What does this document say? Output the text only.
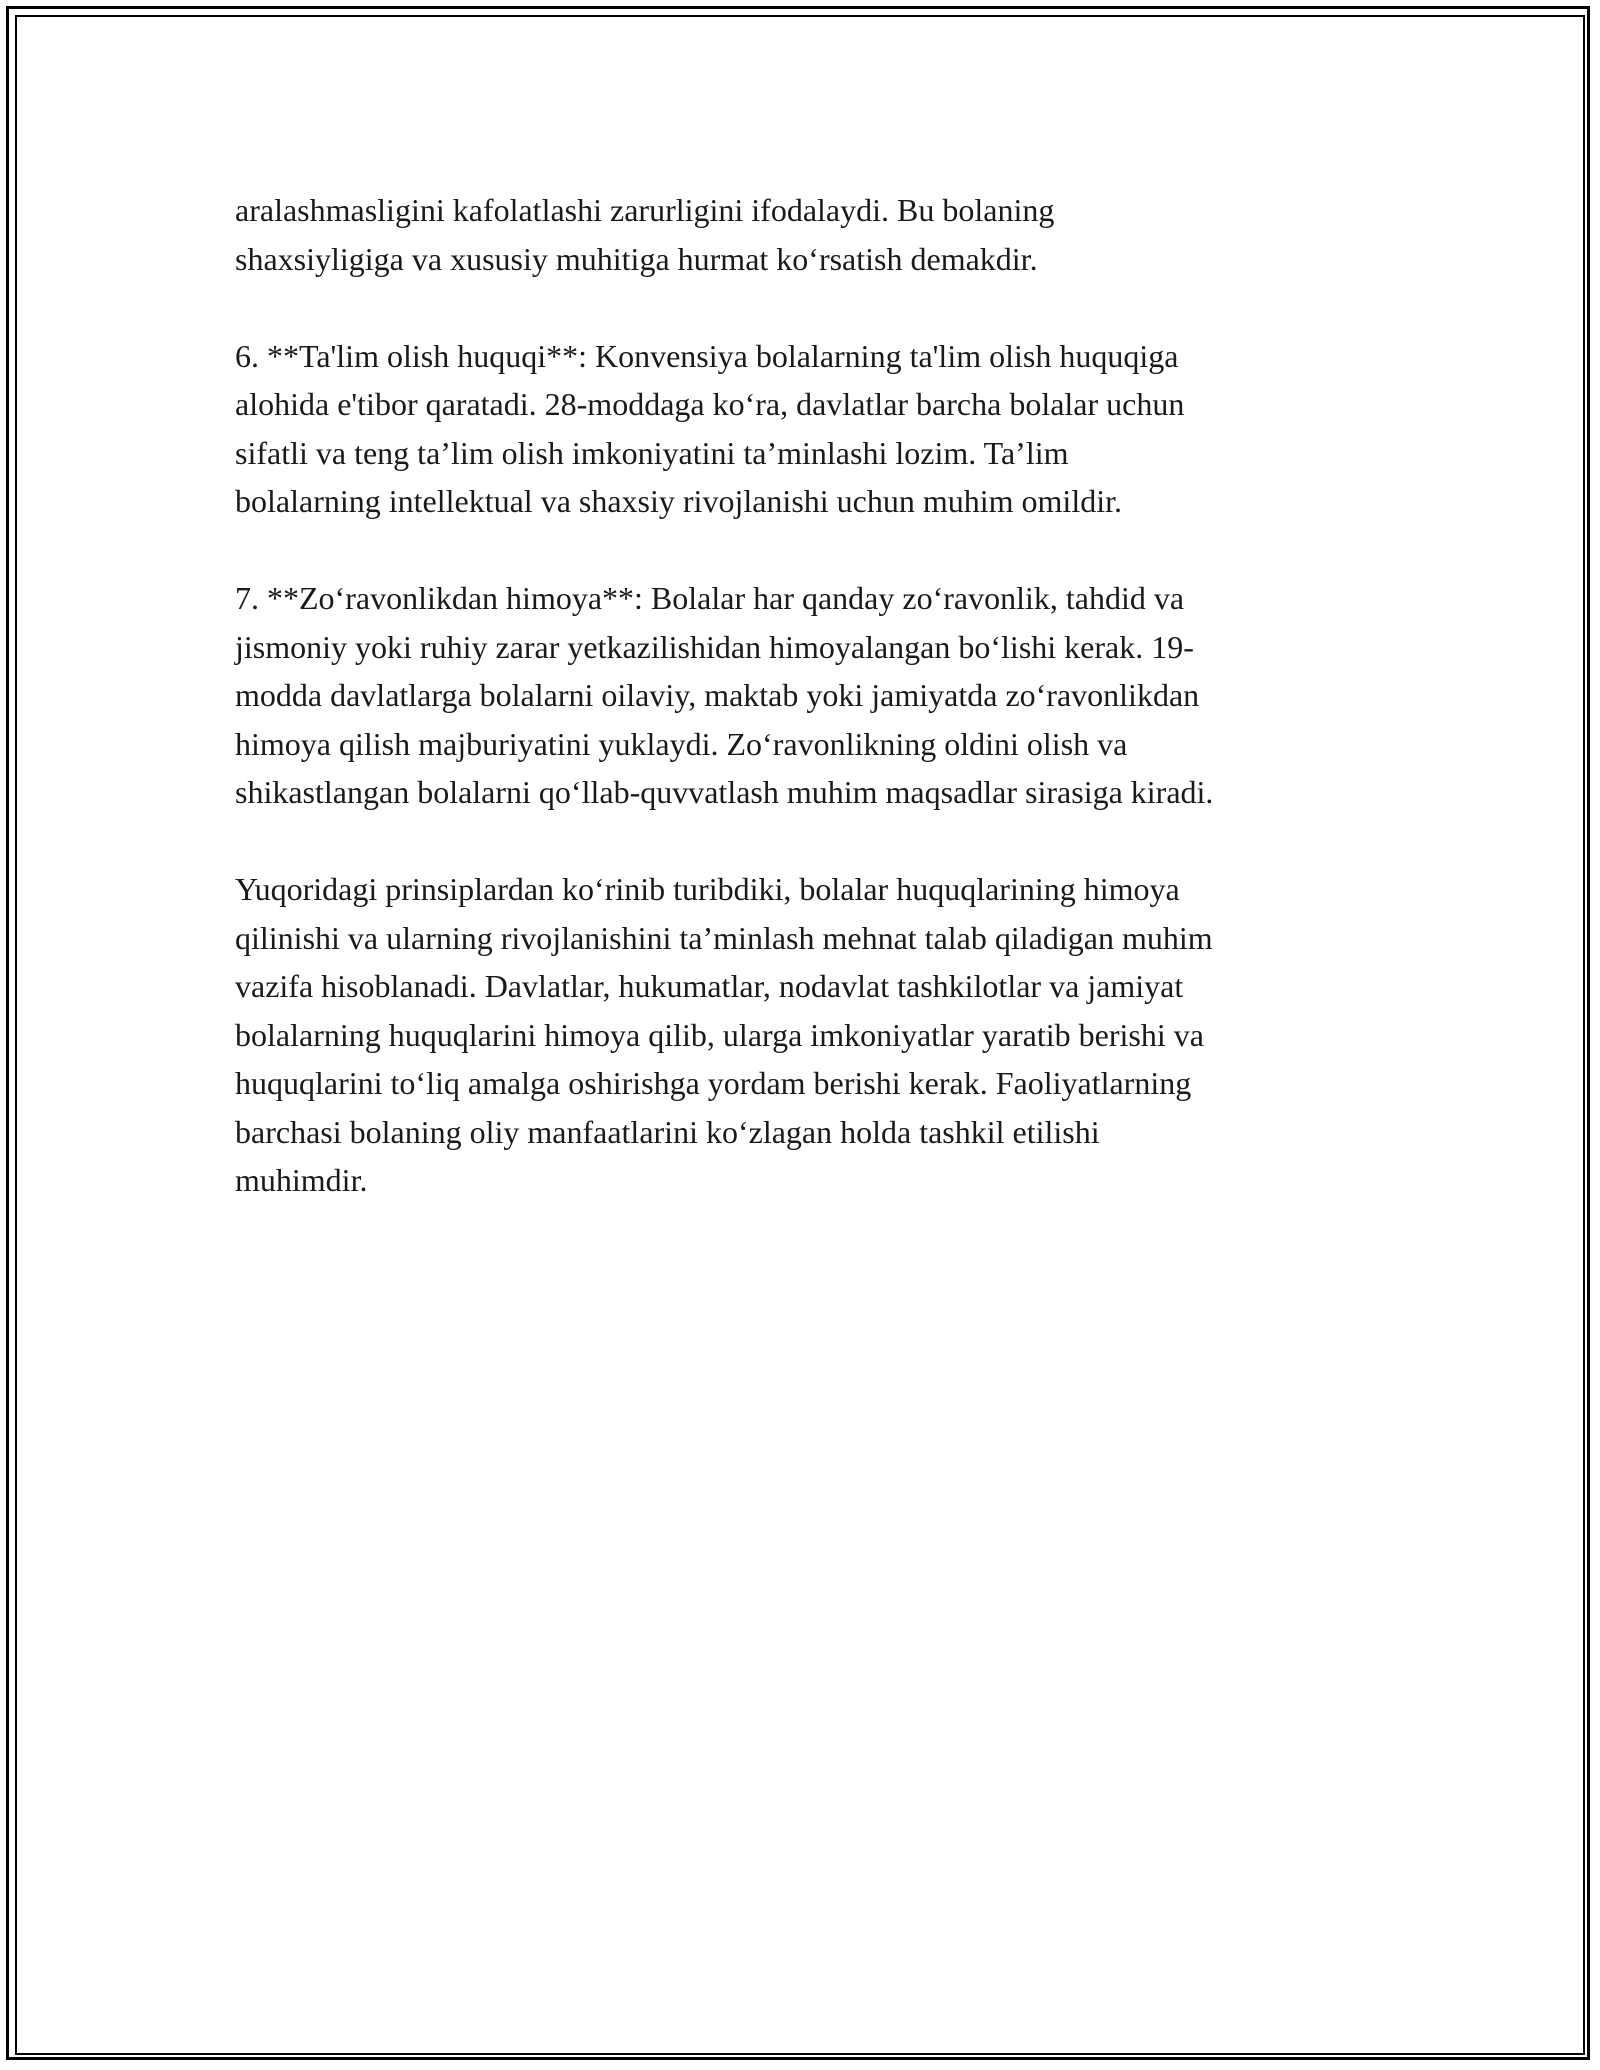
aralashmasligini kafolatlashi zarurligini ifodalaydi. Bu bolaning
shaxsiyligiga va xususiy muhitiga hurmat koʻrsatish demakdir.

6. **Ta'lim olish huquqi**: Konvensiya bolalarning ta'lim olish huquqiga
alohida e'tibor qaratadi. 28-moddaga koʻra, davlatlar barcha bolalar uchun
sifatli va teng ta’lim olish imkoniyatini ta’minlashi lozim. Ta’lim
bolalarning intellektual va shaxsiy rivojlanishi uchun muhim omildir.

7. **Zoʻravonlikdan himoya**: Bolalar har qanday zoʻravonlik, tahdid va
jismoniy yoki ruhiy zarar yetkazilishidan himoyalangan boʻlishi kerak. 19-
modda davlatlarga bolalarni oilaviy, maktab yoki jamiyatda zoʻravonlikdan
himoya qilish majburiyatini yuklaydi. Zoʻravonlikning oldini olish va
shikastlangan bolalarni qoʻllab-quvvatlash muhim maqsadlar sirasiga kiradi.

Yuqoridagi prinsiplardan koʻrinib turibdiki, bolalar huquqlarining himoya
qilinishi va ularning rivojlanishini ta’minlash mehnat talab qiladigan muhim
vazifa hisoblanadi. Davlatlar, hukumatlar, nodavlat tashkilotlar va jamiyat
bolalarning huquqlarini himoya qilib, ularga imkoniyatlar yaratib berishi va
huquqlarini toʻliq amalga oshirishga yordam berishi kerak. Faoliyatlarning
barchasi bolaning oliy manfaatlarini koʻzlagan holda tashkil etilishi
muhimdir.
